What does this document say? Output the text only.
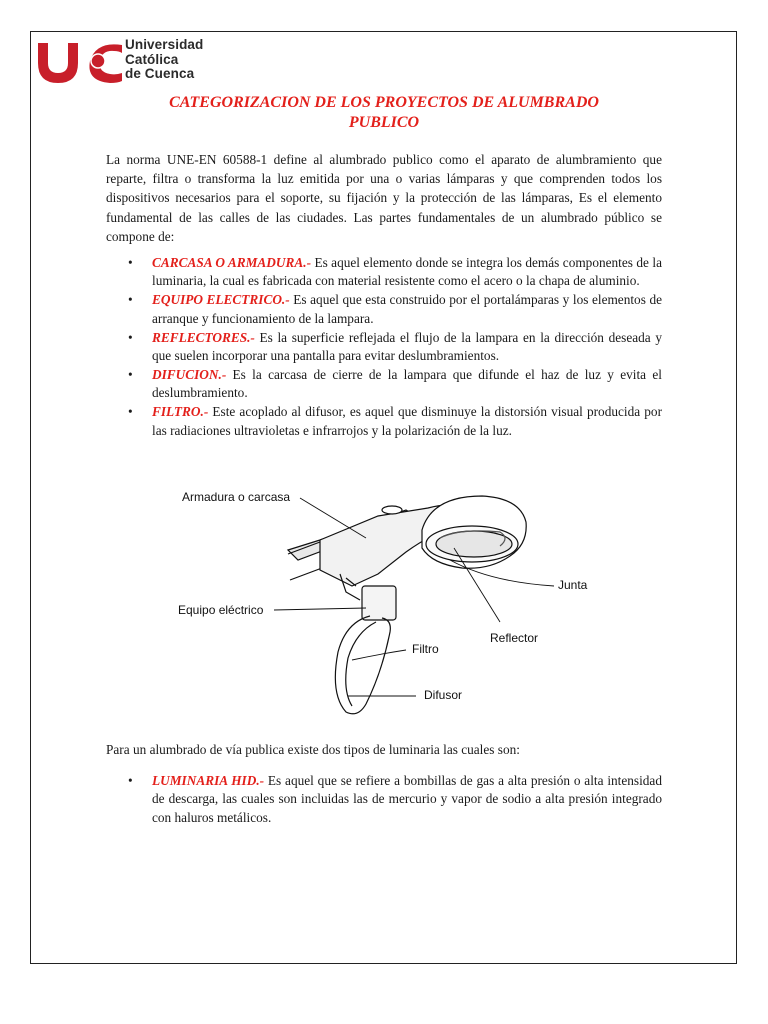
Universidad
Católica
de Cuenca
CATEGORIZACION DE LOS PROYECTOS DE ALUMBRADO
PUBLICO
La norma UNE-EN 60588-1 define al alumbrado publico como el aparato de alumbramiento que reparte, filtra o transforma la luz emitida por una o varias lámparas y que comprenden todos los dispositivos necesarios para el soporte, su fijación y la protección de las lámparas, Es el elemento fundamental de las calles de las ciudades. Las partes fundamentales de un alumbrado público se compone de:
• CARCASA O ARMADURA.- Es aquel elemento donde se integra los demás componentes de la luminaria, la cual es fabricada con material resistente como el acero o la chapa de aluminio.
• EQUIPO ELECTRICO.- Es aquel que esta construido por el portalámparas y los elementos de arranque y funcionamiento de la lampara.
• REFLECTORES.- Es la superficie reflejada el flujo de la lampara en la dirección deseada y que suelen incorporar una pantalla para evitar deslumbramientos.
• DIFUCION.- Es la carcasa de cierre de la lampara que difunde el haz de luz y evita el deslumbramiento.
• FILTRO.- Este acoplado al difusor, es aquel que disminuye la distorsión visual producida por las radiaciones ultravioletas e infrarrojos y la polarización de la luz.
Armadura o carcasa
Junta
Equipo eléctrico
Reflector
Filtro
Difusor
Para un alumbrado de vía publica existe dos tipos de luminaria las cuales son:
• LUMINARIA HID.- Es aquel que se refiere a bombillas de gas a alta presión o alta intensidad de descarga, las cuales son incluidas las de mercurio y vapor de sodio a alta presión integrado con haluros metálicos.
